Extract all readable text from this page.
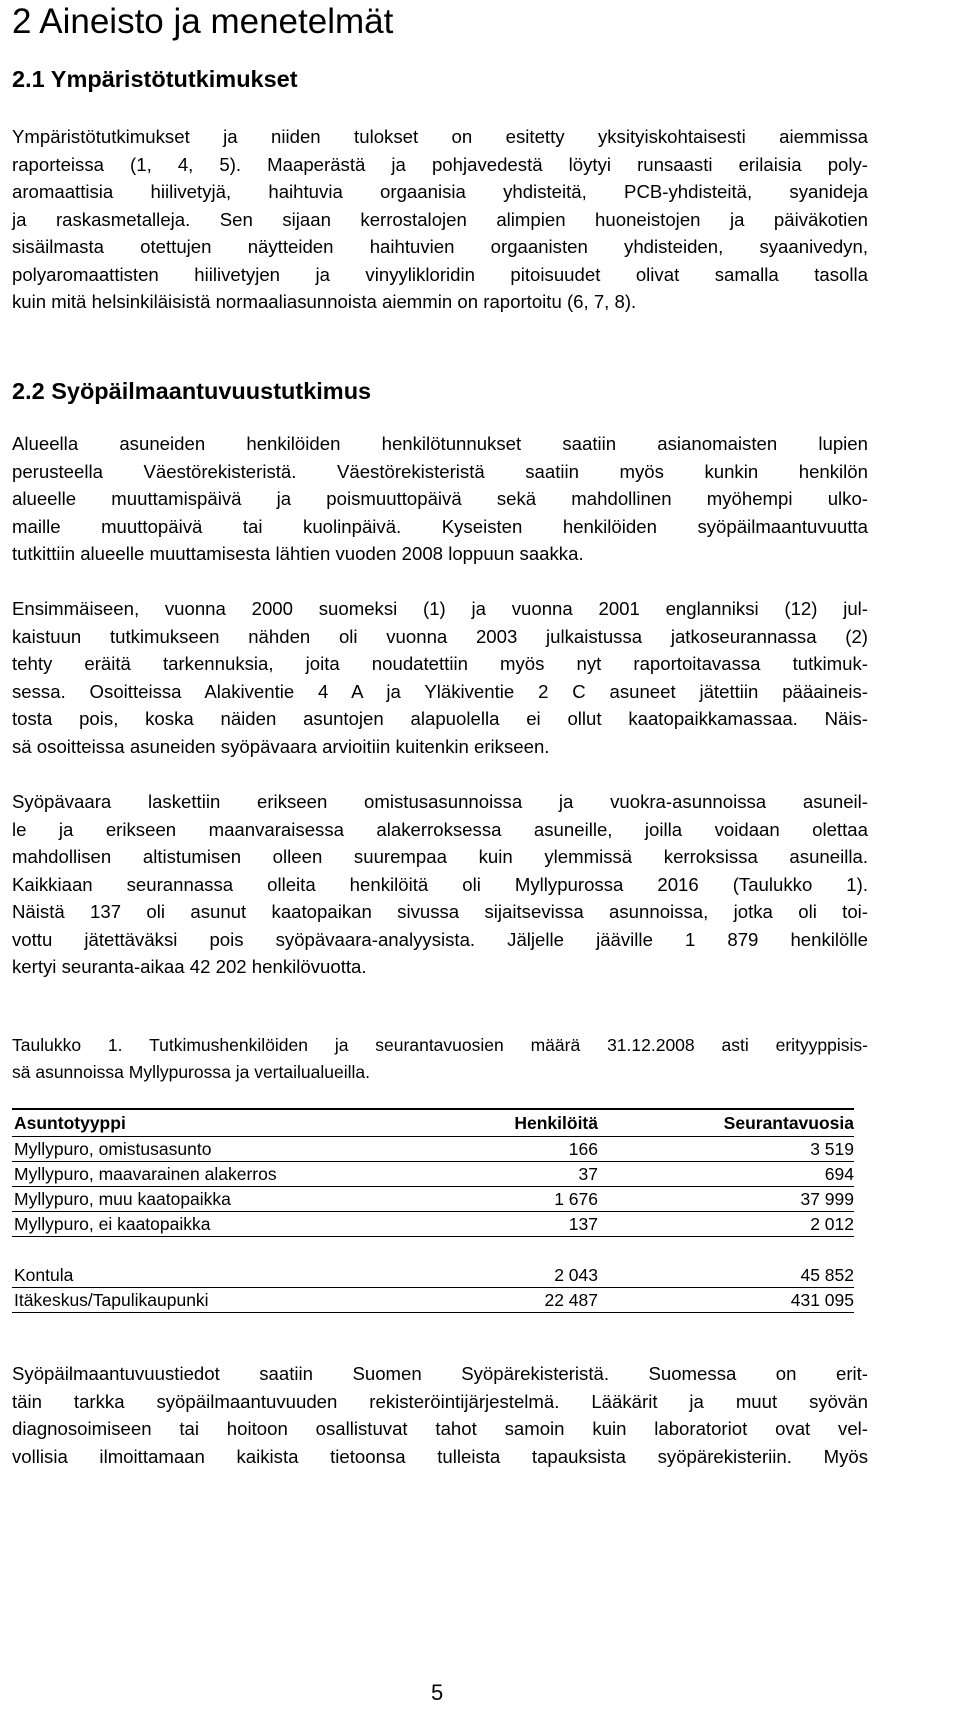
2 Aineisto ja menetelmät
2.1 Ympäristötutkimukset
Ympäristötutkimukset ja niiden tulokset on esitetty yksityiskohtaisesti aiemmissa
raporteissa (1, 4, 5). Maaperästä ja pohjavedestä löytyi runsaasti erilaisia poly-
aromaattisia hiilivetyjä, haihtuvia orgaanisia yhdisteitä, PCB-yhdisteitä, syanideja
ja raskasmetalleja. Sen sijaan kerrostalojen alimpien huoneistojen ja päiväkotien
sisäilmasta otettujen näytteiden haihtuvien orgaanisten yhdisteiden, syaanivedyn,
polyaromaattisten hiilivetyjen ja vinyylikloridin pitoisuudet olivat samalla tasolla
kuin mitä helsinkiläisistä normaaliasunnoista aiemmin on raportoitu (6, 7, 8).
2.2 Syöpäilmaantuvuustutkimus
Alueella asuneiden henkilöiden henkilötunnukset saatiin asianomaisten lupien
perusteella Väestörekisteristä. Väestörekisteristä saatiin myös kunkin henkilön
alueelle muuttamispäivä ja poismuuttopäivä sekä mahdollinen myöhempi ulko-
maille muuttopäivä tai kuolinpäivä. Kyseisten henkilöiden syöpäilmaantuvuutta
tutkittiin alueelle muuttamisesta lähtien vuoden 2008 loppuun saakka.
Ensimmäiseen, vuonna 2000 suomeksi (1) ja vuonna 2001 englanniksi (12) jul-
kaistuun tutkimukseen nähden oli vuonna 2003 julkaistussa jatkoseurannassa (2)
tehty eräitä tarkennuksia, joita noudatettiin myös nyt raportoitavassa tutkimuk-
sessa. Osoitteissa Alakiventie 4 A ja Yläkiventie 2 C asuneet jätettiin pääaineis-
tosta pois, koska näiden asuntojen alapuolella ei ollut kaatopaikkamassaa. Näis-
sä osoitteissa asuneiden syöpävaara arvioitiin kuitenkin erikseen.
Syöpävaara laskettiin erikseen omistusasunnoissa ja vuokra-asunnoissa asuneil-
le ja erikseen maanvaraisessa alakerroksessa asuneille, joilla voidaan olettaa
mahdollisen altistumisen olleen suurempaa kuin ylemmissä kerroksissa asuneilla.
Kaikkiaan seurannassa olleita henkilöitä oli Myllypurossa 2016 (Taulukko 1).
Näistä 137 oli asunut kaatopaikan sivussa sijaitsevissa asunnoissa, jotka oli toi-
vottu jätettäväksi pois syöpävaara-analyysista. Jäljelle jääville 1 879 henkilölle
kertyi seuranta-aikaa 42 202 henkilövuotta.
Taulukko 1. Tutkimushenkilöiden ja seurantavuosien määrä 31.12.2008 asti erityyppisis-
sä asunnoissa Myllypurossa ja vertailualueilla.
Asuntotyyppi	Henkilöitä	Seurantavuosia
Myllypuro, omistusasunto	166	3 519
Myllypuro, maavarainen alakerros	37	694
Myllypuro, muu kaatopaikka	1 676	37 999
Myllypuro, ei kaatopaikka	137	2 012

Kontula	2 043	45 852
Itäkeskus/Tapulikaupunki	22 487	431 095
Syöpäilmaantuvuustiedot saatiin Suomen Syöpärekisteristä. Suomessa on erit-
täin tarkka syöpäilmaantuvuuden rekisteröintijärjestelmä. Lääkärit ja muut syövän
diagnosoimiseen tai hoitoon osallistuvat tahot samoin kuin laboratoriot ovat vel-
vollisia ilmoittamaan kaikista tietoonsa tulleista tapauksista syöpärekisteriin. Myös
5
